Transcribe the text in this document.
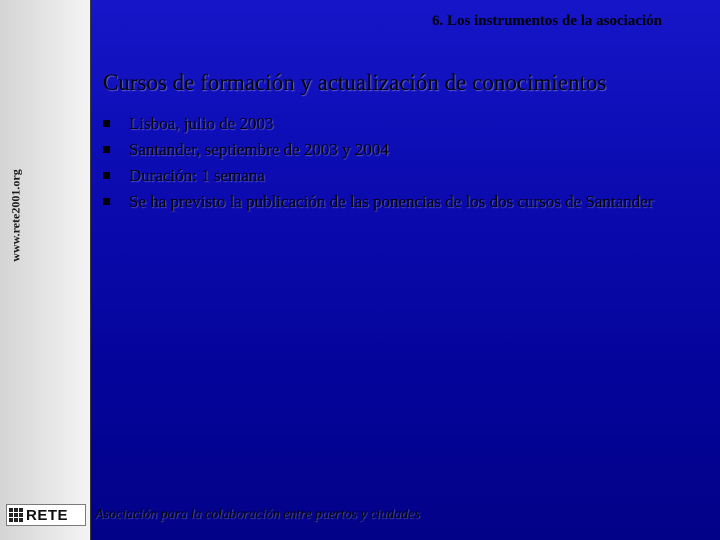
www.rete2001.org
RETE
6. Los instrumentos de la asociación
Cursos de formación y actualización de conocimientos
Lisboa, julio de 2003
Santander, septiembre de 2003 y 2004
Duración: 1 semana
Se ha previsto la publicación de las ponencias de los dos cursos de Santander
Asociación para la colaboración entre puertos y ciudades
